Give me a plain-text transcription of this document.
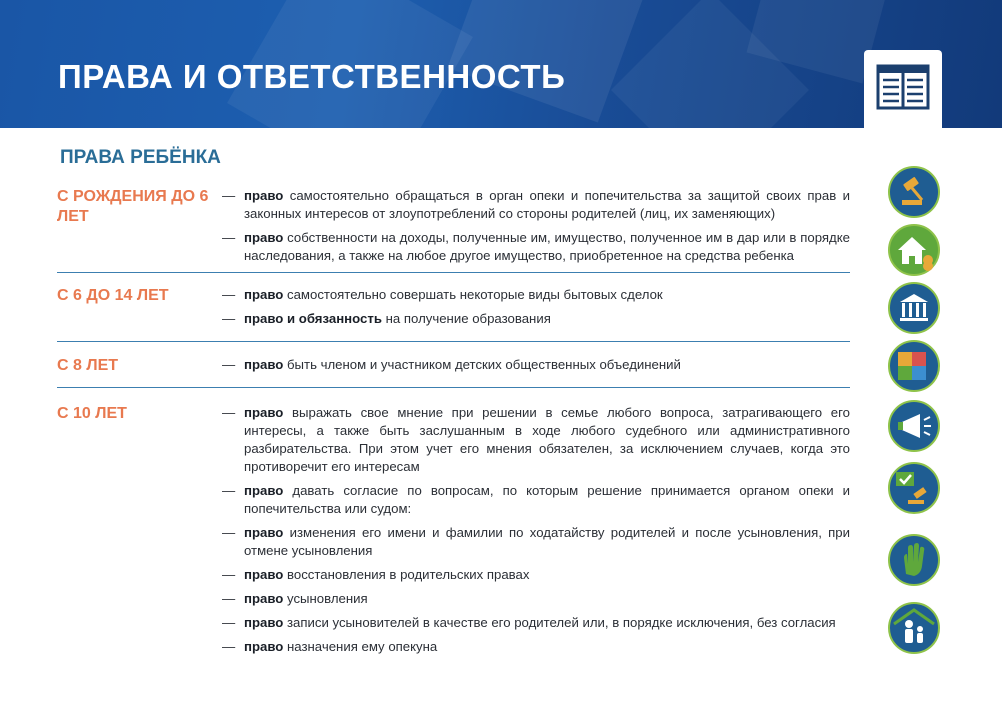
ПРАВА И ОТВЕТСТВЕННОСТЬ
ПРАВА РЕБЁНКА
С РОЖДЕНИЯ ДО 6 ЛЕТ
— право самостоятельно обращаться в орган опеки и попечительства за защитой своих прав и законных интересов от злоупотреблений со стороны родителей (лиц, их заменяющих)
— право собственности на доходы, полученные им, имущество, полученное им в дар или в порядке наследования, а также на любое другое имущество, приобретенное на средства ребенка
С 6 ДО 14 ЛЕТ	— право самостоятельно совершать некоторые виды бытовых сделок
— право и обязанность на получение образования
С 8 ЛЕТ	— право быть членом и участником детских общественных объединений
С 10 ЛЕТ	— право выражать свое мнение при решении в семье любого вопроса, затрагивающего его интересы, а также быть заслушанным в ходе любого судебного или административного разбирательства. При этом учет его мнения обязателен, за исключением случаев, когда это противоречит его интересам
— право давать согласие по вопросам, по которым решение принимается органом опеки и попечительства или судом:
— право изменения его имени и фамилии по ходатайству родителей и после усыновления, при отмене усыновления
— право восстановления в родительских правах
— право усыновления
— право записи усыновителей в качестве его родителей или, в порядке исключения, без согласия
— право назначения ему опекуна
